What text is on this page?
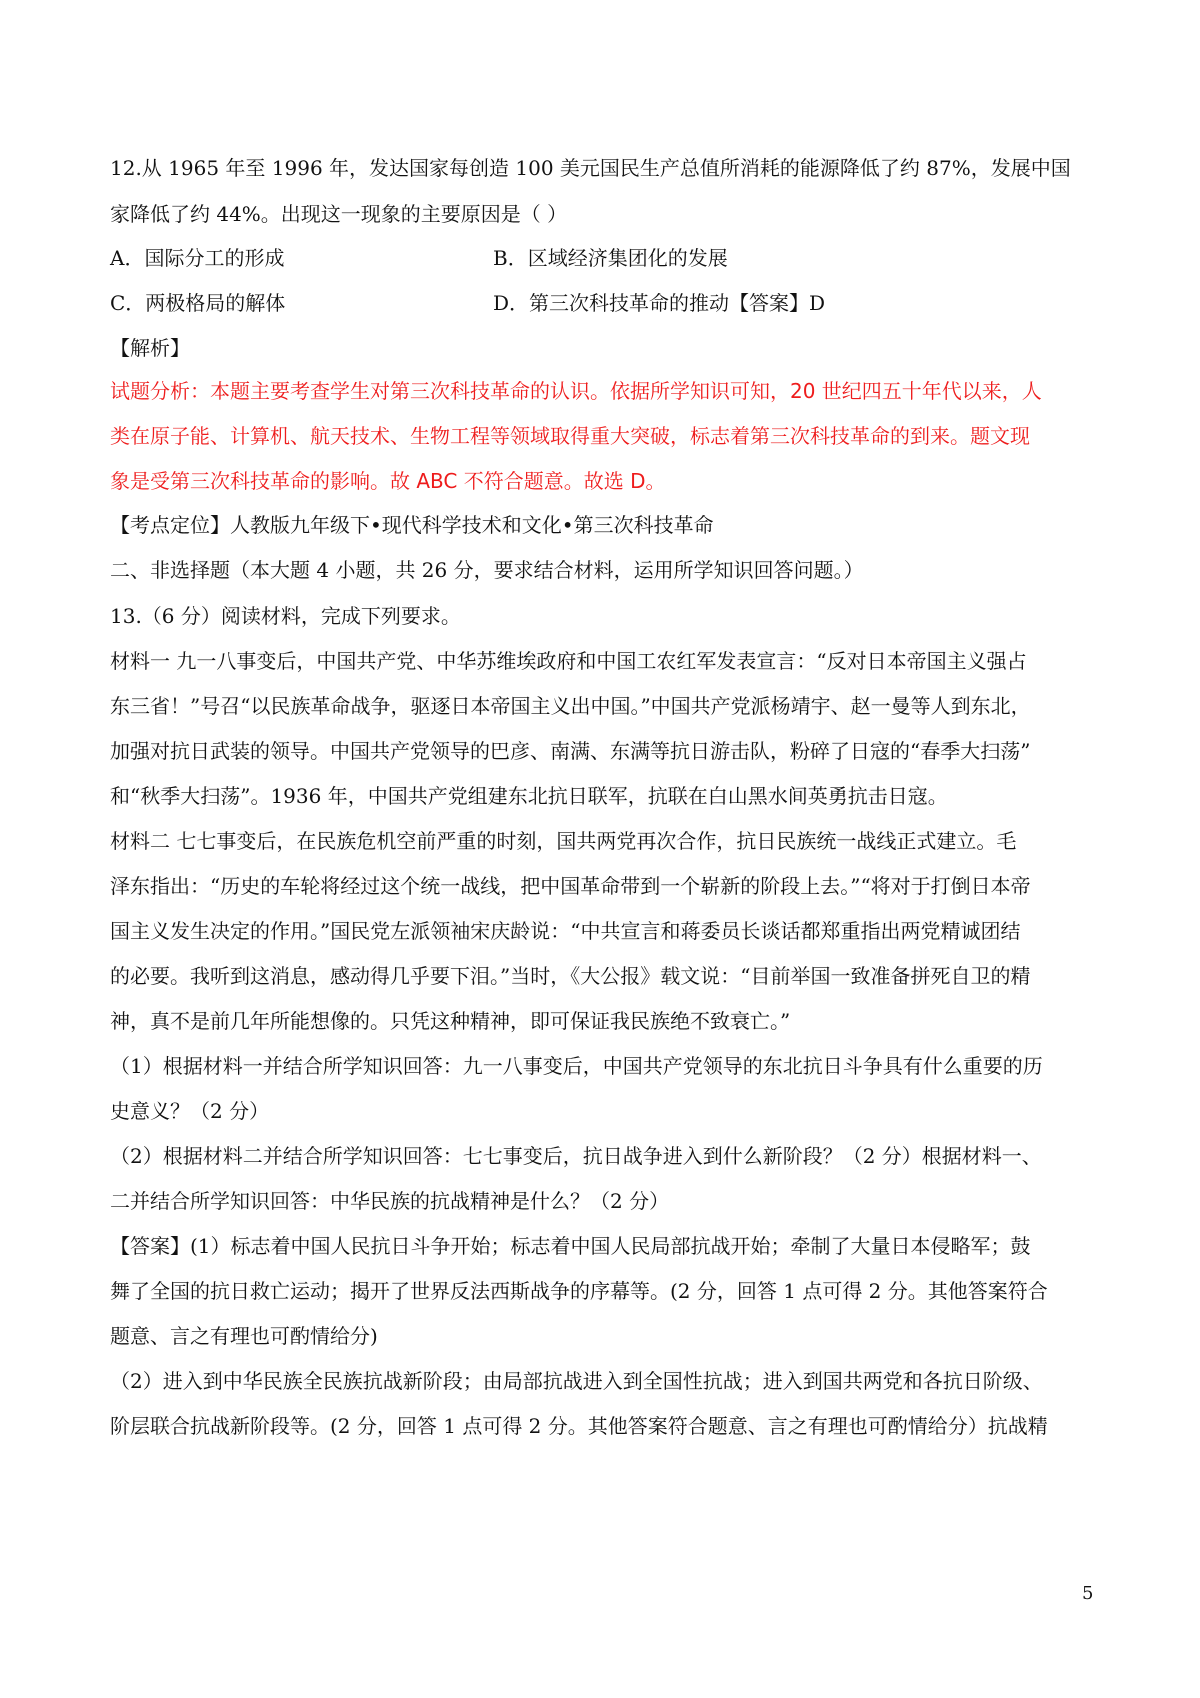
12.从 1965 年至 1996 年，发达国家每创造 100 美元国民生产总值所消耗的能源降低了约 87%，发展中国
家降低了约 44%。出现这一现象的主要原因是（ ）
A．国际分工的形成	B．区域经济集团化的发展
C．两极格局的解体	D．第三次科技革命的推动【答案】D
【解析】
试题分析：本题主要考查学生对第三次科技革命的认识。依据所学知识可知，20 世纪四五十年代以来，人
类在原子能、计算机、航天技术、生物工程等领域取得重大突破，标志着第三次科技革命的到来。题文现
象是受第三次科技革命的影响。故 ABC 不符合题意。故选 D。
【考点定位】人教版九年级下•现代科学技术和文化•第三次科技革命
二、非选择题（本大题 4 小题，共 26 分，要求结合材料，运用所学知识回答问题。）
13.（6 分）阅读材料，完成下列要求。
材料一 九一八事变后，中国共产党、中华苏维埃政府和中国工农红军发表宣言：“反对日本帝国主义强占
东三省！”号召“以民族革命战争，驱逐日本帝国主义出中国。”中国共产党派杨靖宇、赵一曼等人到东北，
加强对抗日武装的领导。中国共产党领导的巴彦、南满、东满等抗日游击队，粉碎了日寇的“春季大扫荡”
和“秋季大扫荡”。1936 年，中国共产党组建东北抗日联军，抗联在白山黑水间英勇抗击日寇。
材料二 七七事变后，在民族危机空前严重的时刻，国共两党再次合作，抗日民族统一战线正式建立。毛
泽东指出：“历史的车轮将经过这个统一战线，把中国革命带到一个崭新的阶段上去。”“将对于打倒日本帝
国主义发生决定的作用。”国民党左派领袖宋庆龄说：“中共宣言和蒋委员长谈话都郑重指出两党精诚团结
的必要。我听到这消息，感动得几乎要下泪。”当时，《大公报》载文说：“目前举国一致准备拼死自卫的精
神，真不是前几年所能想像的。只凭这种精神，即可保证我民族绝不致衰亡。”
（1）根据材料一并结合所学知识回答：九一八事变后，中国共产党领导的东北抗日斗争具有什么重要的历
史意义？（2 分）
（2）根据材料二并结合所学知识回答：七七事变后，抗日战争进入到什么新阶段？（2 分）根据材料一、
二并结合所学知识回答：中华民族的抗战精神是什么？（2 分）
【答案】(1）标志着中国人民抗日斗争开始；标志着中国人民局部抗战开始；牵制了大量日本侵略军；鼓
舞了全国的抗日救亡运动；揭开了世界反法西斯战争的序幕等。(2 分，回答 1 点可得 2 分。其他答案符合
题意、言之有理也可酌情给分)
（2）进入到中华民族全民族抗战新阶段；由局部抗战进入到全国性抗战；进入到国共两党和各抗日阶级、
阶层联合抗战新阶段等。(2 分，回答 1 点可得 2 分。其他答案符合题意、言之有理也可酌情给分）抗战精
5
